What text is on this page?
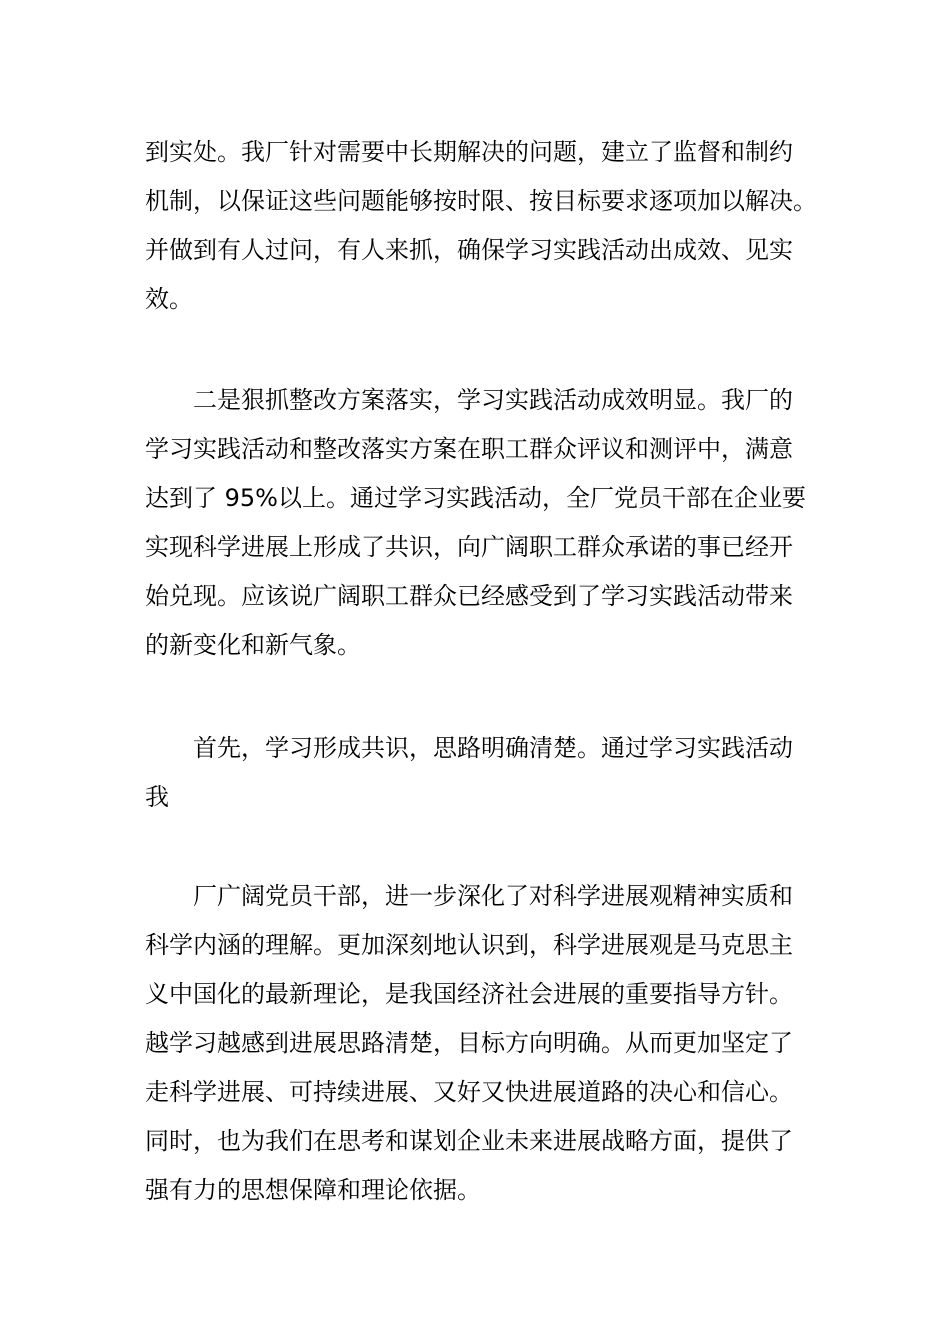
到实处。我厂针对需要中长期解决的问题，建立了监督和制约
机制，以保证这些问题能够按时限、按目标要求逐项加以解决。
并做到有人过问，有人来抓，确保学习实践活动出成效、见实
效。
二是狠抓整改方案落实，学习实践活动成效明显。我厂的
学习实践活动和整改落实方案在职工群众评议和测评中，满意
达到了 95%以上。通过学习实践活动，全厂党员干部在企业要
实现科学进展上形成了共识，向广阔职工群众承诺的事已经开
始兑现。应该说广阔职工群众已经感受到了学习实践活动带来
的新变化和新气象。
首先，学习形成共识，思路明确清楚。通过学习实践活动
我
厂广阔党员干部，进一步深化了对科学进展观精神实质和
科学内涵的理解。更加深刻地认识到，科学进展观是马克思主
义中国化的最新理论，是我国经济社会进展的重要指导方针。
越学习越感到进展思路清楚，目标方向明确。从而更加坚定了
走科学进展、可持续进展、又好又快进展道路的决心和信心。
同时，也为我们在思考和谋划企业未来进展战略方面，提供了
强有力的思想保障和理论依据。
